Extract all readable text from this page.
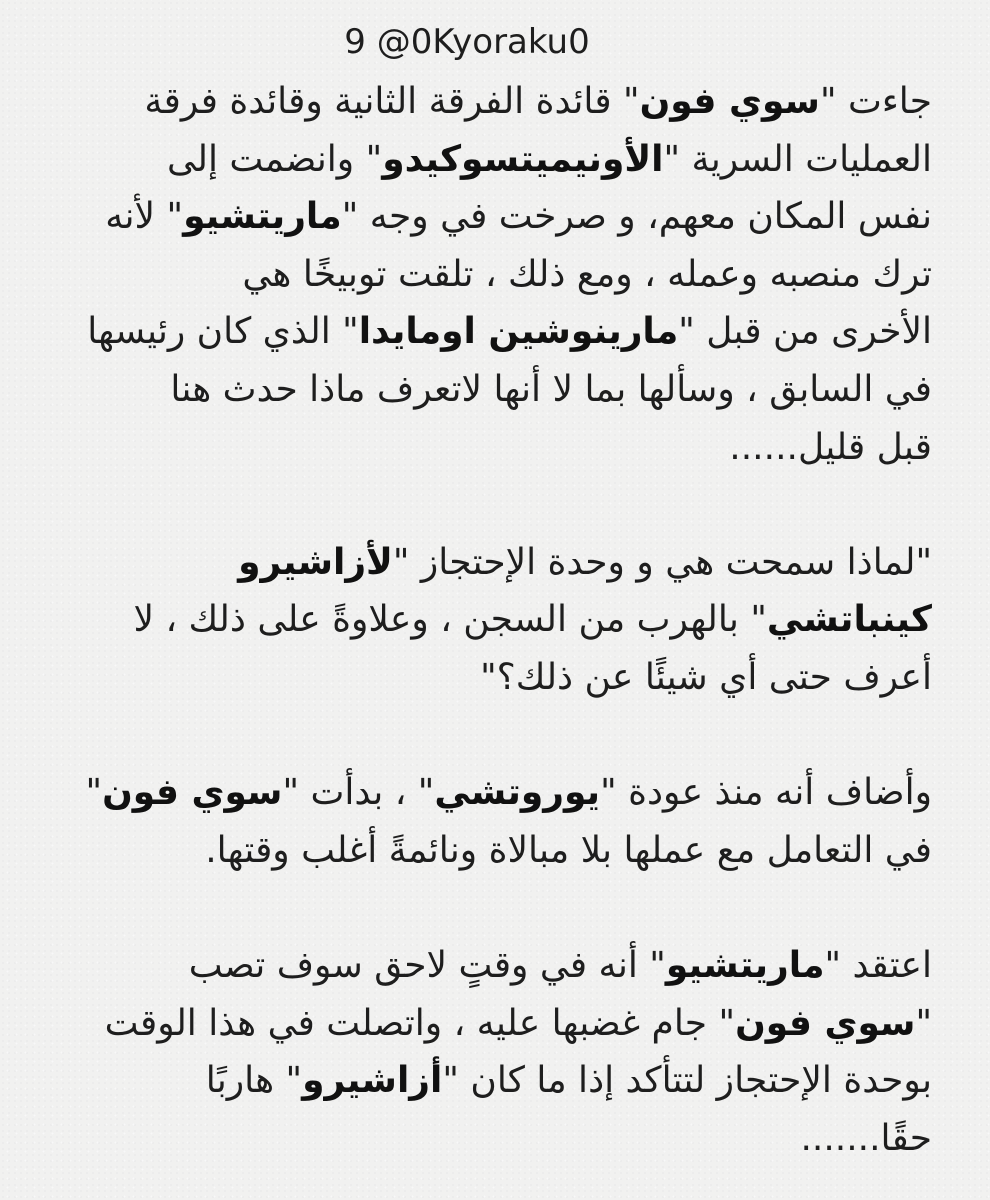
9 @0Kyoraku0
جاءت "سوي فون" قائدة الفرقة الثانية وقائدة فرقة
العمليات السرية "الأونيميتسوكيدو" وانضمت إلى
نفس المكان معهم، و صرخت في وجه "ماريتشيو" لأنه
ترك منصبه وعمله ، ومع ذلك ، تلقت توبيخًا هي
الأخرى من قبل "مارينوشين اومايدا" الذي كان رئيسها
في السابق ، وسألها بما لا أنها لاتعرف ماذا حدث هنا
قبل قليل......
"لماذا سمحت هي و وحدة الإحتجاز "لأزاشيرو
كينباتشي" بالهرب من السجن ، وعلاوةً على ذلك ، لا
أعرف حتى أي شيئًا عن ذلك؟"
وأضاف أنه منذ عودة "يوروتشي" ، بدأت "سوي فون"
في التعامل مع عملها بلا مبالاة ونائمةً أغلب وقتها.
اعتقد "ماريتشيو" أنه في وقتٍ لاحق سوف تصب
"سوي فون" جام غضبها عليه ، واتصلت في هذا الوقت
بوحدة الإحتجاز لتتأكد إذا ما كان "أزاشيرو" هاربًا
حقًا.......
